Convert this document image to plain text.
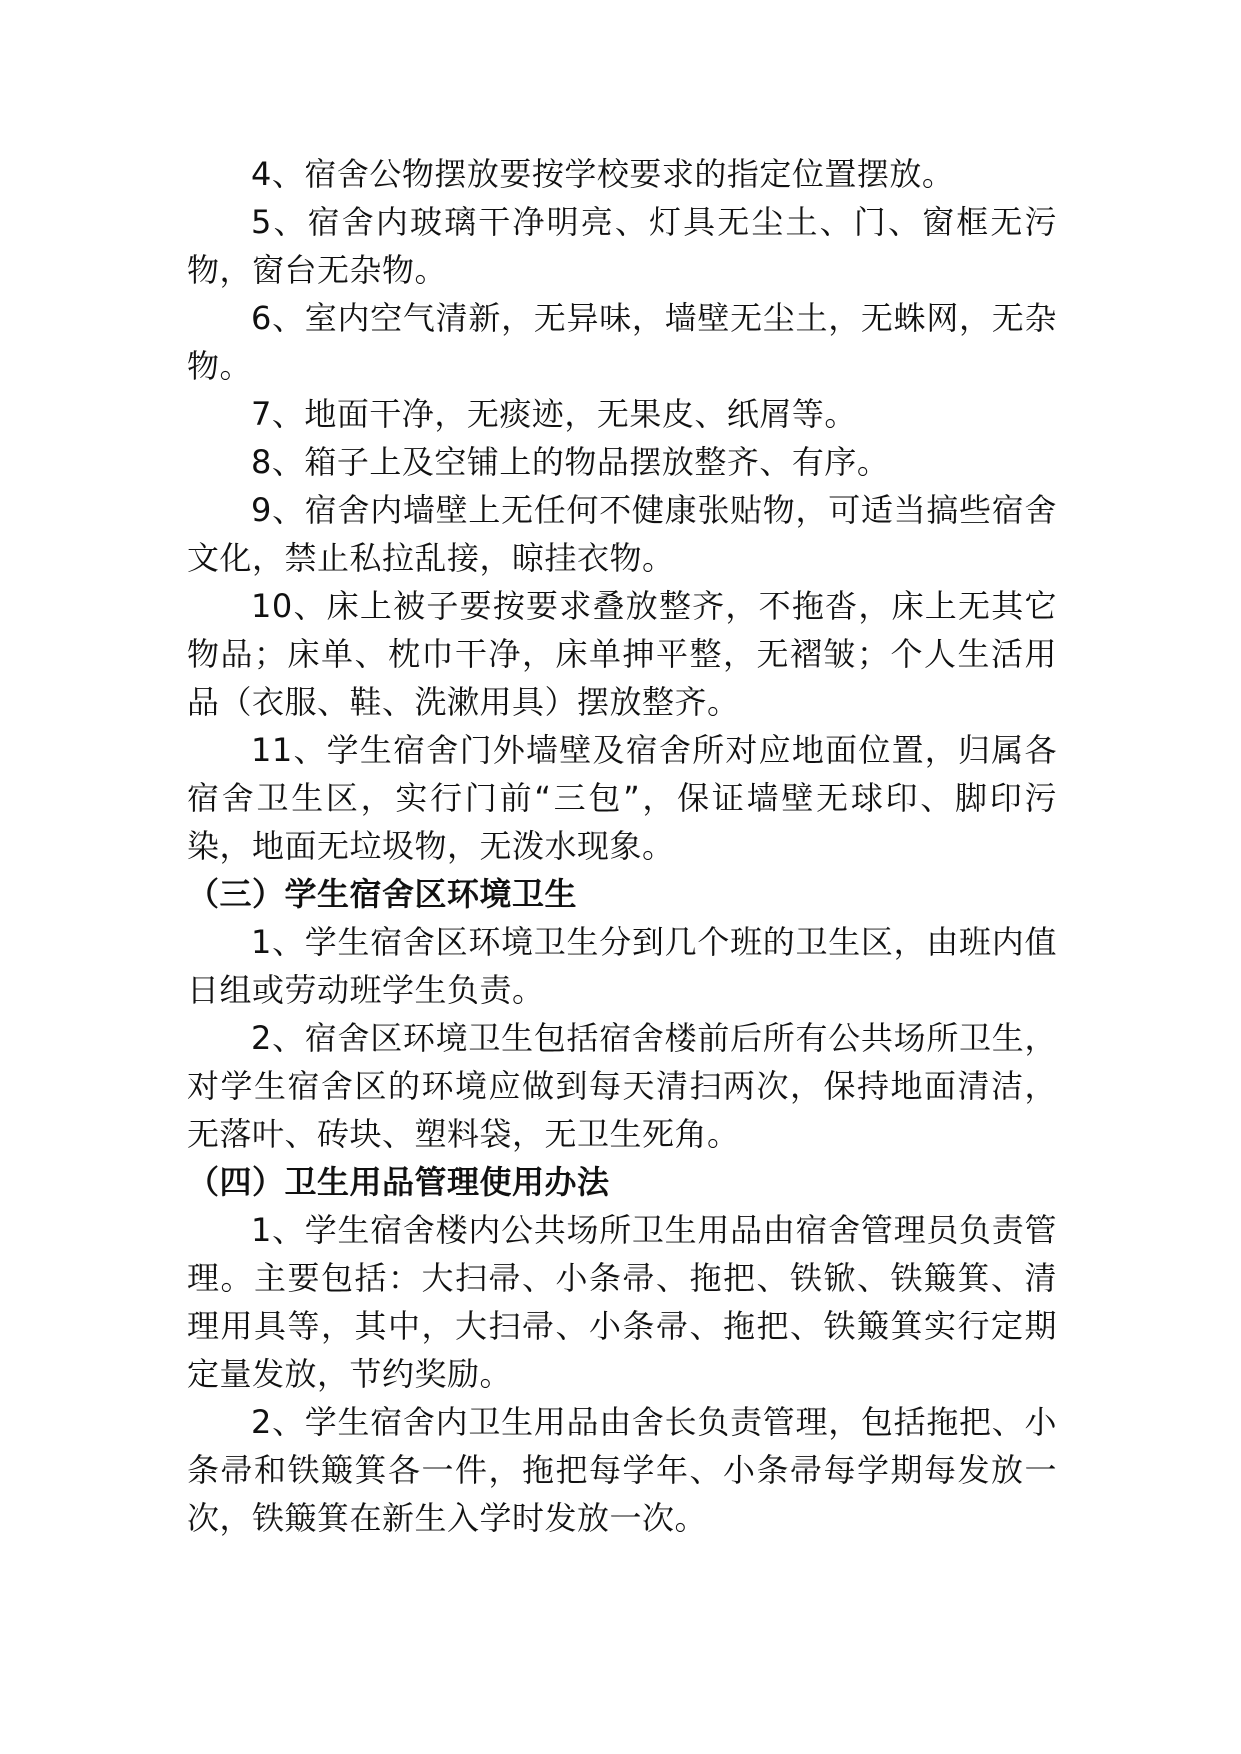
4、宿舍公物摆放要按学校要求的指定位置摆放。

5、宿舍内玻璃干净明亮、灯具无尘土、门、窗框无污物，窗台无杂物。

6、室内空气清新，无异味，墙壁无尘土，无蛛网，无杂物。

7、地面干净，无痰迹，无果皮、纸屑等。

8、箱子上及空铺上的物品摆放整齐、有序。

9、宿舍内墙壁上无任何不健康张贴物，可适当搞些宿舍文化，禁止私拉乱接，晾挂衣物。

10、床上被子要按要求叠放整齐，不拖沓，床上无其它物品；床单、枕巾干净，床单抻平整，无褶皱；个人生活用品（衣服、鞋、洗漱用具）摆放整齐。

11、学生宿舍门外墙壁及宿舍所对应地面位置，归属各宿舍卫生区，实行门前“三包”，保证墙壁无球印、脚印污染，地面无垃圾物，无泼水现象。

（三）学生宿舍区环境卫生

1、学生宿舍区环境卫生分到几个班的卫生区，由班内值日组或劳动班学生负责。

2、宿舍区环境卫生包括宿舍楼前后所有公共场所卫生，对学生宿舍区的环境应做到每天清扫两次，保持地面清洁，无落叶、砖块、塑料袋，无卫生死角。

（四）卫生用品管理使用办法

1、学生宿舍楼内公共场所卫生用品由宿舍管理员负责管理。主要包括：大扫帚、小条帚、拖把、铁锨、铁簸箕、清理用具等，其中，大扫帚、小条帚、拖把、铁簸箕实行定期定量发放，节约奖励。

2、学生宿舍内卫生用品由舍长负责管理，包括拖把、小条帚和铁簸箕各一件，拖把每学年、小条帚每学期每发放一次，铁簸箕在新生入学时发放一次。
